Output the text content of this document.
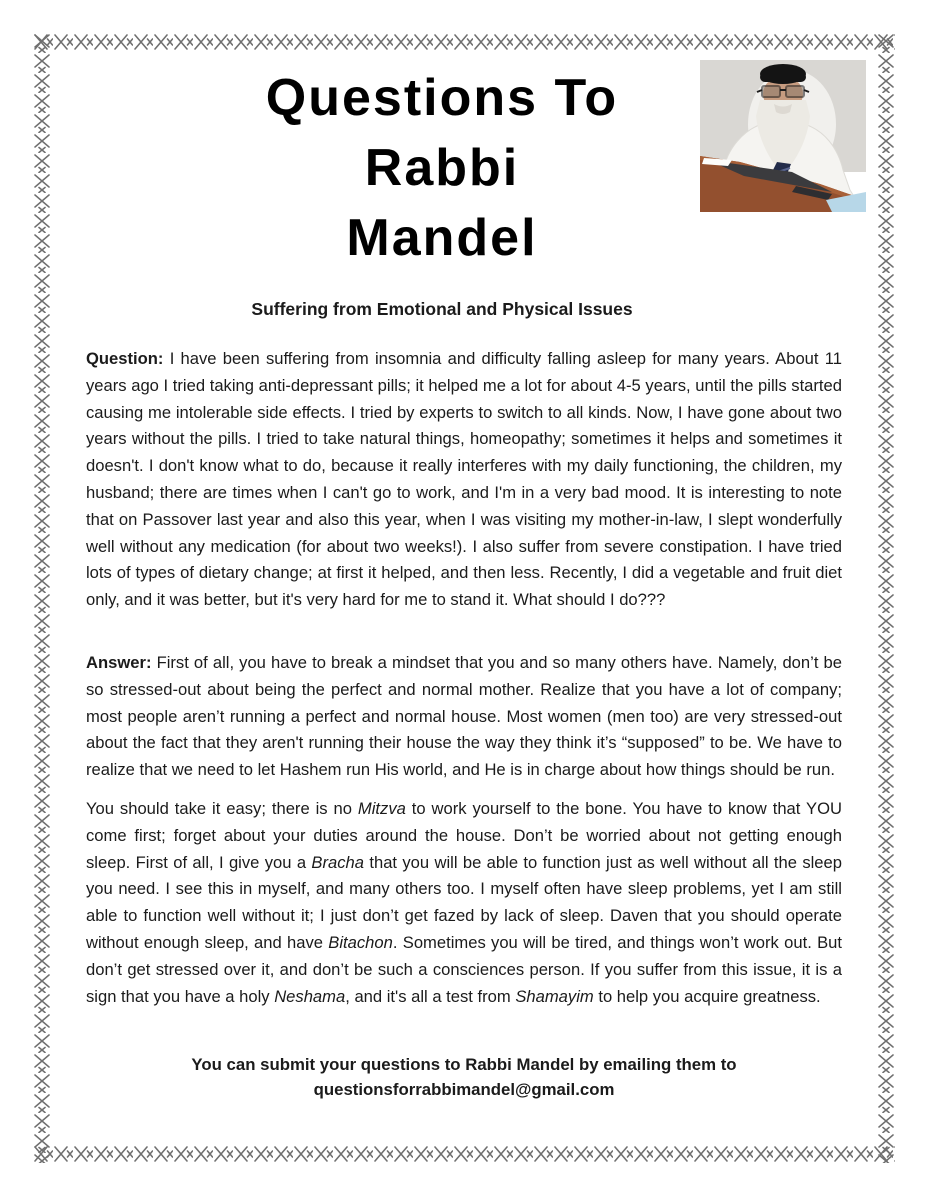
Questions To
Rabbi
Mandel
Suffering from Emotional and Physical Issues

Question: I have been suffering from insomnia and difficulty falling asleep for many years. About 11 years ago I tried taking anti-depressant pills; it helped me a lot for about 4-5 years, until the pills started causing me intolerable side effects. I tried by experts to switch to all kinds. Now, I have gone about two years without the pills. I tried to take natural things, homeopathy; sometimes it helps and sometimes it doesn't. I don't know what to do, because it really interferes with my daily functioning, the children, my husband; there are times when I can't go to work, and I'm in a very bad mood. It is interesting to note that on Passover last year and also this year, when I was visiting my mother-in-law, I slept wonderfully well without any medication (for about two weeks!). I also suffer from severe constipation. I have tried lots of types of dietary change; at first it helped, and then less. Recently, I did a vegetable and fruit diet only, and it was better, but it's very hard for me to stand it. What should I do???

Answer: First of all, you have to break a mindset that you and so many others have. Namely, don’t be so stressed-out about being the perfect and normal mother. Realize that you have a lot of company; most people aren’t running a perfect and normal house. Most women (men too) are very stressed-out about the fact that they aren't running their house the way they think it’s “supposed” to be. We have to realize that we need to let Hashem run His world, and He is in charge about how things should be run.

You should take it easy; there is no Mitzva to work yourself to the bone. You have to know that YOU come first; forget about your duties around the house. Don’t be worried about not getting enough sleep. First of all, I give you a Bracha that you will be able to function just as well without all the sleep you need. I see this in myself, and many others too. I myself often have sleep problems, yet I am still able to function well without it; I just don’t get fazed by lack of sleep. Daven that you should operate without enough sleep, and have Bitachon. Sometimes you will be tired, and things won’t work out. But don’t get stressed over it, and don’t be such a consciences person. If you suffer from this issue, it is a sign that you have a holy Neshama, and it's all a test from Shamayim to help you acquire greatness.

You can submit your questions to Rabbi Mandel by emailing them to
questionsforrabbimandel@gmail.com
